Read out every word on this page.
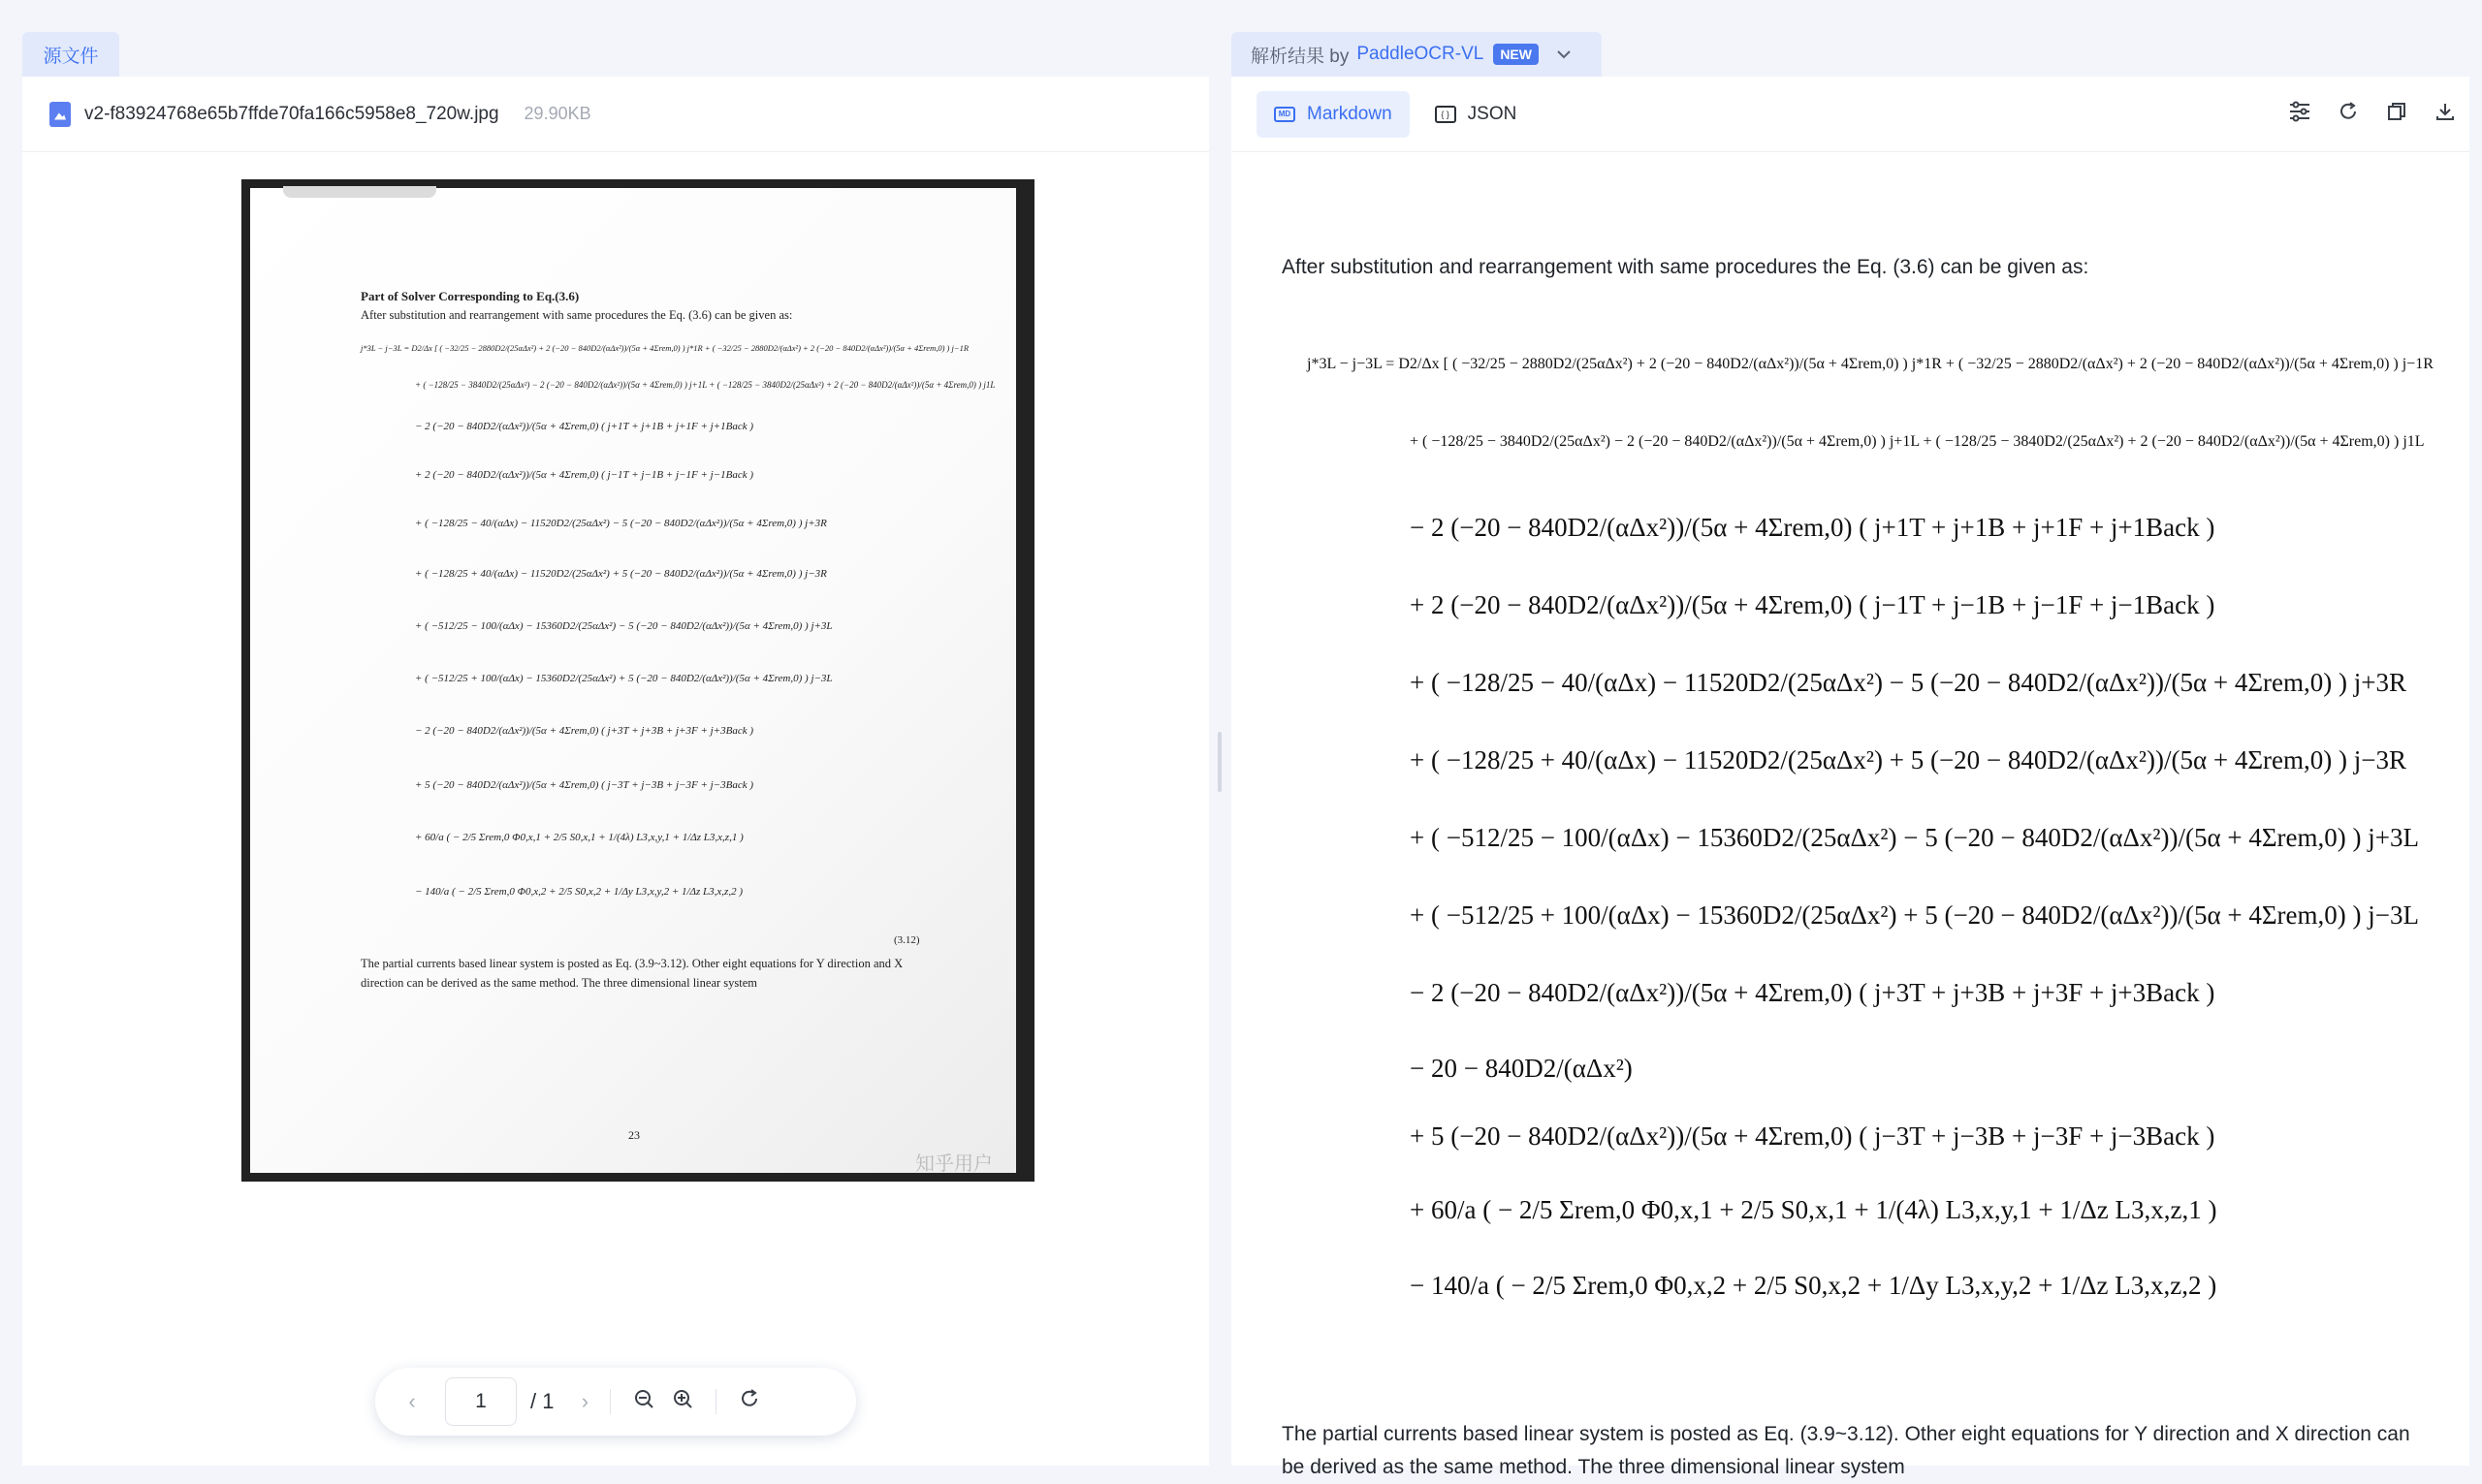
源文件	解析结果 by PaddleOCR-VL	NEW
v2-f83924768e65b7ffde70fa166c5958e8_720w.jpg 29.90KB
Part of Solver Corresponding to Eq.(3.6)
After substitution and rearrangement with same procedures the Eq. (3.6) can be given as:
j*3L − j−3L = D2/Δx [ ( −32/25 − 2880D2/(25αΔx²) + 2 (−20 − 840D2/(αΔx²))/(5α + 4Σrem,0) ) j*1R + ( −32/25 − 2880D2/(αΔx²) + 2 (−20 − 840D2/(αΔx²))/(5α + 4Σrem,0) ) j−1R
+ ( −128/25 − 3840D2/(25αΔx²) − 2 (−20 − 840D2/(αΔx²))/(5α + 4Σrem,0) ) j+1L + ( −128/25 − 3840D2/(25αΔx²) + 2 (−20 − 840D2/(αΔx²))/(5α + 4Σrem,0) ) j1L
− 2 (−20 − 840D2/(αΔx²))/(5α + 4Σrem,0) ( j+1T + j+1B + j+1F + j+1Back )
+ 2 (−20 − 840D2/(αΔx²))/(5α + 4Σrem,0) ( j−1T + j−1B + j−1F + j−1Back )
+ ( −128/25 − 40/(αΔx) − 11520D2/(25αΔx²) − 5 (−20 − 840D2/(αΔx²))/(5α + 4Σrem,0) ) j+3R
+ ( −128/25 + 40/(αΔx) − 11520D2/(25αΔx²) + 5 (−20 − 840D2/(αΔx²))/(5α + 4Σrem,0) ) j−3R
+ ( −512/25 − 100/(αΔx) − 15360D2/(25αΔx²) − 5 (−20 − 840D2/(αΔx²))/(5α + 4Σrem,0) ) j+3L
+ ( −512/25 + 100/(αΔx) − 15360D2/(25αΔx²) + 5 (−20 − 840D2/(αΔx²))/(5α + 4Σrem,0) ) j−3L
− 2 (−20 − 840D2/(αΔx²))/(5α + 4Σrem,0) ( j+3T + j+3B + j+3F + j+3Back )
+ 5 (−20 − 840D2/(αΔx²))/(5α + 4Σrem,0) ( j−3T + j−3B + j−3F + j−3Back )
+ 60/a ( − 2/5 Σrem,0 Φ0,x,1 + 2/5 S0,x,1 + 1/(4λ) L3,x,y,1 + 1/Δz L3,x,z,1 )
− 140/a ( − 2/5 Σrem,0 Φ0,x,2 + 2/5 S0,x,2 + 1/Δy L3,x,y,2 + 1/Δz L3,x,z,2 )
(3.12)
The partial currents based linear system is posted as Eq. (3.9~3.12). Other eight equations for Y direction and X direction can be derived as the same method. The three dimensional linear system
23
知乎用户
‹	1	/ 1	›
MD Markdown	{ } JSON
After substitution and rearrangement with same procedures the Eq. (3.6) can be given as:
j*3L − j−3L = D2/Δx [ ( −32/25 − 2880D2/(25αΔx²) + 2 (−20 − 840D2/(αΔx²))/(5α + 4Σrem,0) ) j*1R + ( −32/25 − 2880D2/(αΔx²) + 2 (−20 − 840D2/(αΔx²))/(5α + 4Σrem,0) ) j−1R
+ ( −128/25 − 3840D2/(25αΔx²) − 2 (−20 − 840D2/(αΔx²))/(5α + 4Σrem,0) ) j+1L + ( −128/25 − 3840D2/(25αΔx²) + 2 (−20 − 840D2/(αΔx²))/(5α + 4Σrem,0) ) j1L
− 2 (−20 − 840D2/(αΔx²))/(5α + 4Σrem,0) ( j+1T + j+1B + j+1F + j+1Back )
+ 2 (−20 − 840D2/(αΔx²))/(5α + 4Σrem,0) ( j−1T + j−1B + j−1F + j−1Back )
+ ( −128/25 − 40/(αΔx) − 11520D2/(25αΔx²) − 5 (−20 − 840D2/(αΔx²))/(5α + 4Σrem,0) ) j+3R
+ ( −128/25 + 40/(αΔx) − 11520D2/(25αΔx²) + 5 (−20 − 840D2/(αΔx²))/(5α + 4Σrem,0) ) j−3R
+ ( −512/25 − 100/(αΔx) − 15360D2/(25αΔx²) − 5 (−20 − 840D2/(αΔx²))/(5α + 4Σrem,0) ) j+3L
+ ( −512/25 + 100/(αΔx) − 15360D2/(25αΔx²) + 5 (−20 − 840D2/(αΔx²))/(5α + 4Σrem,0) ) j−3L
− 2 (−20 − 840D2/(αΔx²))/(5α + 4Σrem,0) ( j+3T + j+3B + j+3F + j+3Back )
− 20 − 840D2/(αΔx²)
+ 5 (−20 − 840D2/(αΔx²))/(5α + 4Σrem,0) ( j−3T + j−3B + j−3F + j−3Back )
+ 60/a ( − 2/5 Σrem,0 Φ0,x,1 + 2/5 S0,x,1 + 1/(4λ) L3,x,y,1 + 1/Δz L3,x,z,1 )
− 140/a ( − 2/5 Σrem,0 Φ0,x,2 + 2/5 S0,x,2 + 1/Δy L3,x,y,2 + 1/Δz L3,x,z,2 )
The partial currents based linear system is posted as Eq. (3.9~3.12). Other eight equations for Y direction and X direction can be derived as the same method. The three dimensional linear system
